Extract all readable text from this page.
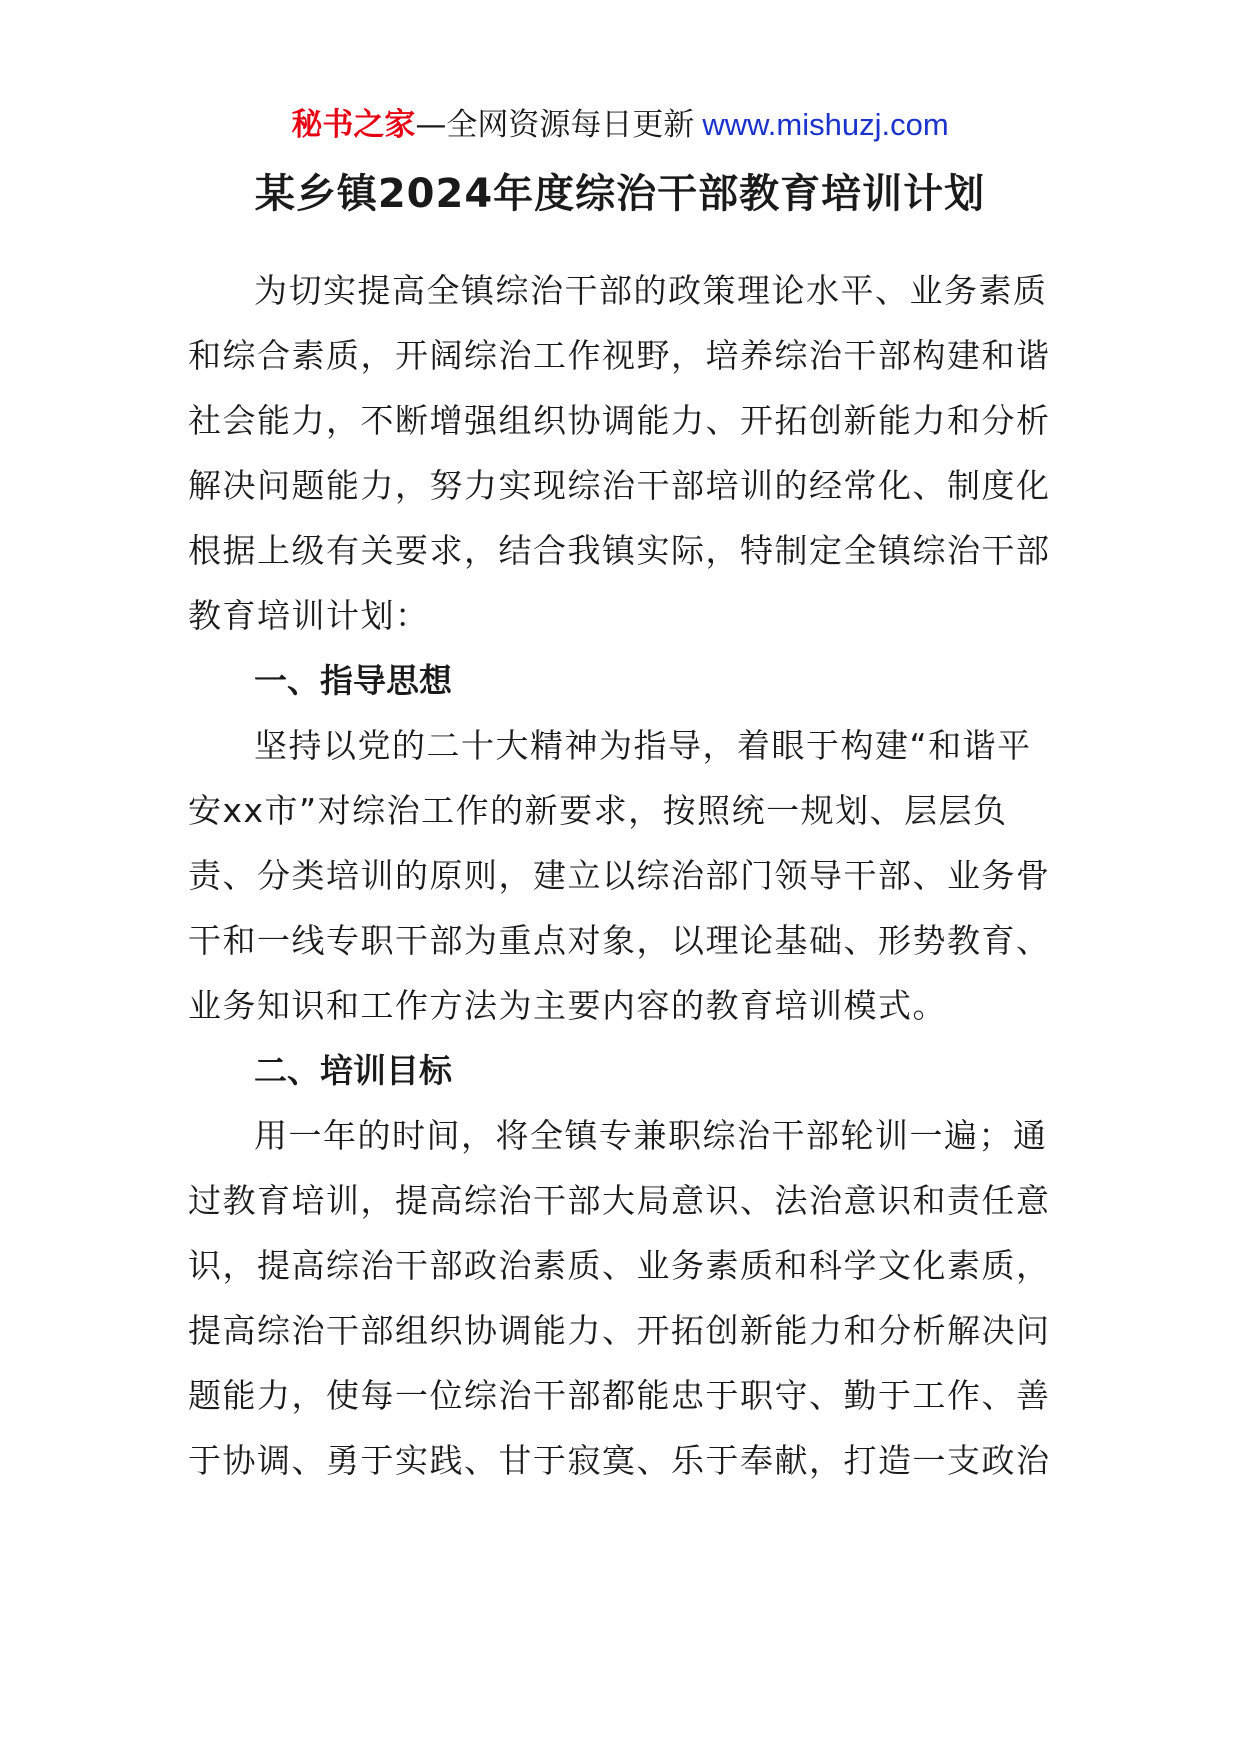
秘书之家—全网资源每日更新 www.mishuzj.com
某乡镇2024年度综治干部教育培训计划

为切实提高全镇综治干部的政策理论水平、业务素质和综合素质，开阔综治工作视野，培养综治干部构建和谐社会能力，不断增强组织协调能力、开拓创新能力和分析解决问题能力，努力实现综治干部培训的经常化、制度化根据上级有关要求，结合我镇实际，特制定全镇综治干部教育培训计划：

一、指导思想

坚持以党的二十大精神为指导，着眼于构建“和谐平安xx市”对综治工作的新要求，按照统一规划、层层负责、分类培训的原则，建立以综治部门领导干部、业务骨干和一线专职干部为重点对象，以理论基础、形势教育、业务知识和工作方法为主要内容的教育培训模式。

二、培训目标

用一年的时间，将全镇专兼职综治干部轮训一遍；通过教育培训，提高综治干部大局意识、法治意识和责任意识，提高综治干部政治素质、业务素质和科学文化素质，提高综治干部组织协调能力、开拓创新能力和分析解决问题能力，使每一位综治干部都能忠于职守、勤于工作、善于协调、勇于实践、甘于寂寞、乐于奉献，打造一支政治
